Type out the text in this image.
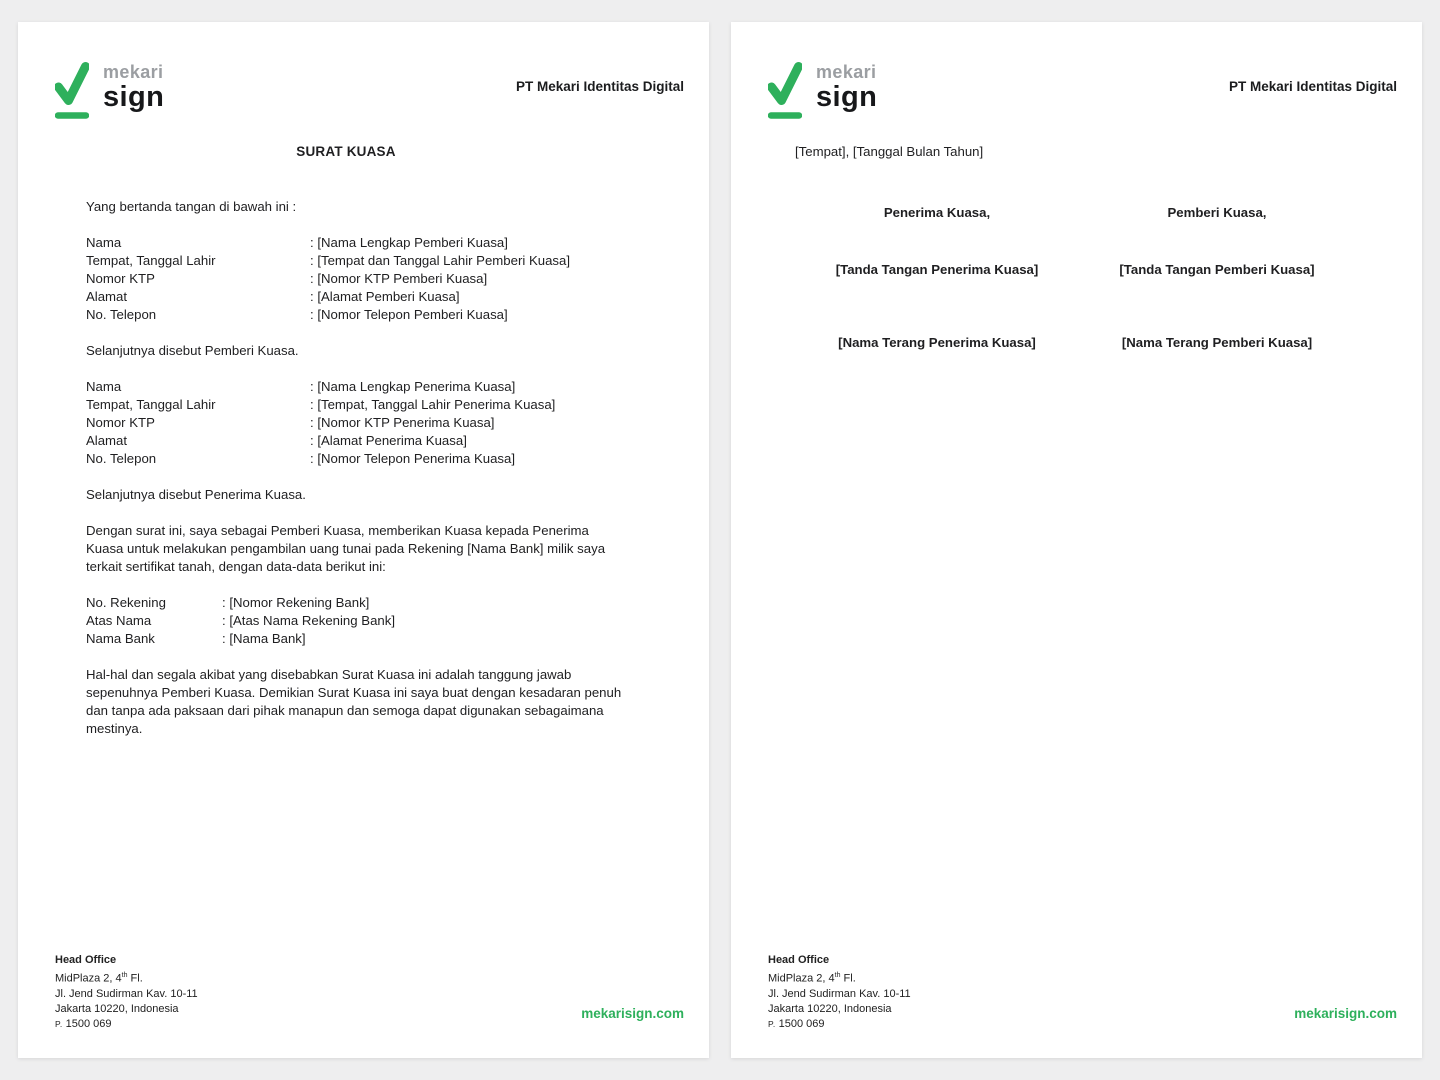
mekari
sign	PT Mekari Identitas Digital
SURAT KUASA
Yang bertanda tangan di bawah ini :
Nama	: [Nama Lengkap Pemberi Kuasa]
Tempat, Tanggal Lahir	: [Tempat dan Tanggal Lahir Pemberi Kuasa]
Nomor KTP	: [Nomor KTP Pemberi Kuasa]
Alamat	: [Alamat Pemberi Kuasa]
No. Telepon	: [Nomor Telepon Pemberi Kuasa]
Selanjutnya disebut Pemberi Kuasa.
Nama	: [Nama Lengkap Penerima Kuasa]
Tempat, Tanggal Lahir	: [Tempat, Tanggal Lahir Penerima Kuasa]
Nomor KTP	: [Nomor KTP Penerima Kuasa]
Alamat	: [Alamat Penerima Kuasa]
No. Telepon	: [Nomor Telepon Penerima Kuasa]
Selanjutnya disebut Penerima Kuasa.
Dengan surat ini, saya sebagai Pemberi Kuasa, memberikan Kuasa kepada Penerima
Kuasa untuk melakukan pengambilan uang tunai pada Rekening [Nama Bank] milik saya
terkait sertifikat tanah, dengan data-data berikut ini:
No. Rekening	: [Nomor Rekening Bank]
Atas Nama	: [Atas Nama Rekening Bank]
Nama Bank	: [Nama Bank]
Hal-hal dan segala akibat yang disebabkan Surat Kuasa ini adalah tanggung jawab
sepenuhnya Pemberi Kuasa. Demikian Surat Kuasa ini saya buat dengan kesadaran penuh
dan tanpa ada paksaan dari pihak manapun dan semoga dapat digunakan sebagaimana
mestinya.
Head Office
MidPlaza 2, 4th Fl.
Jl. Jend Sudirman Kav. 10-11
Jakarta 10220, Indonesia
P. 1500 069
mekarisign.com
mekari
sign	PT Mekari Identitas Digital
[Tempat], [Tanggal Bulan Tahun]
Penerima Kuasa,	Pemberi Kuasa,
[Tanda Tangan Penerima Kuasa]	[Tanda Tangan Pemberi Kuasa]
[Nama Terang Penerima Kuasa]	[Nama Terang Pemberi Kuasa]
Head Office
MidPlaza 2, 4th Fl.
Jl. Jend Sudirman Kav. 10-11
Jakarta 10220, Indonesia
P. 1500 069
mekarisign.com
